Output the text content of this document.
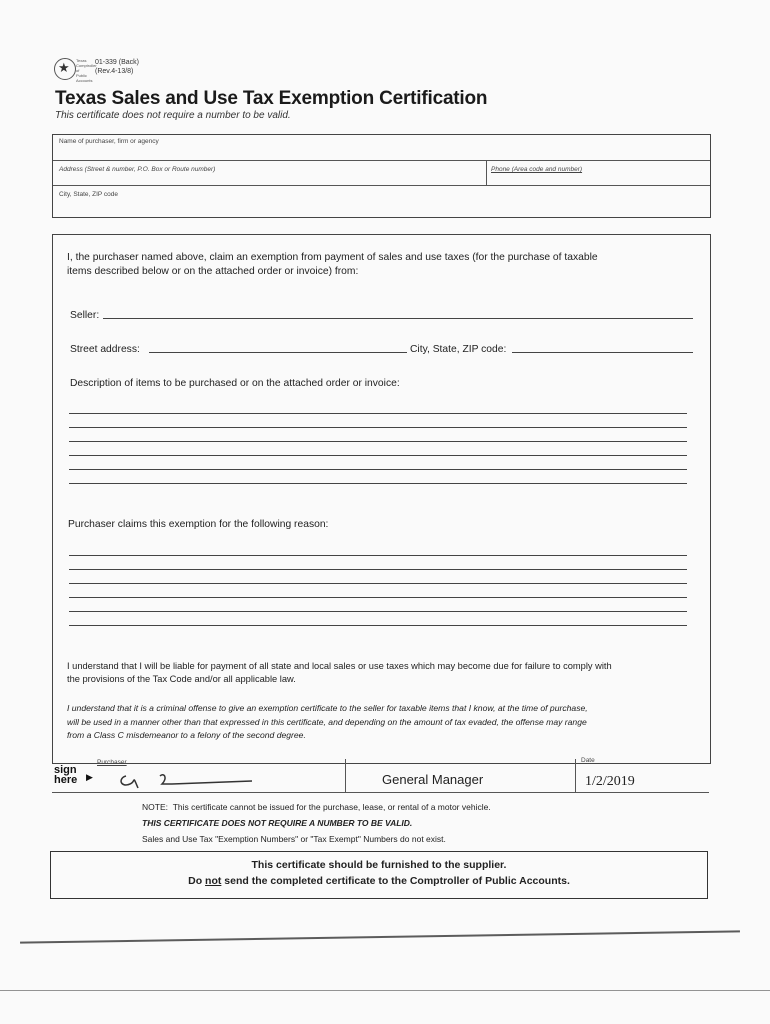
★ Texas Comptroller of Public Accounts
01-339 (Back)
(Rev.4-13/8)
Texas Sales and Use Tax Exemption Certification
This certificate does not require a number to be valid.
Name of purchaser, firm or agency
Address (Street & number, P.O. Box or Route number)	Phone (Area code and number)
City, State, ZIP code
I, the purchaser named above, claim an exemption from payment of sales and use taxes (for the purchase of taxable
items described below or on the attached order or invoice) from:
Seller:
Street address:	City, State, ZIP code:
Description of items to be purchased or on the attached order or invoice:
Purchaser claims this exemption for the following reason:
I understand that I will be liable for payment of all state and local sales or use taxes which may become due for failure to comply with
the provisions of the Tax Code and/or all applicable law.
I understand that it is a criminal offense to give an exemption certificate to the seller for taxable items that I know, at the time of purchase,
will be used in a manner other than that expressed in this certificate, and depending on the amount of tax evaded, the offense may range
from a Class C misdemeanor to a felony of the second degree.
sign
here ▶
Purchaser
General Manager
Date
1/2/2019
NOTE: This certificate cannot be issued for the purchase, lease, or rental of a motor vehicle.
THIS CERTIFICATE DOES NOT REQUIRE A NUMBER TO BE VALID.
Sales and Use Tax "Exemption Numbers" or "Tax Exempt" Numbers do not exist.
This certificate should be furnished to the supplier.
Do not send the completed certificate to the Comptroller of Public Accounts.
